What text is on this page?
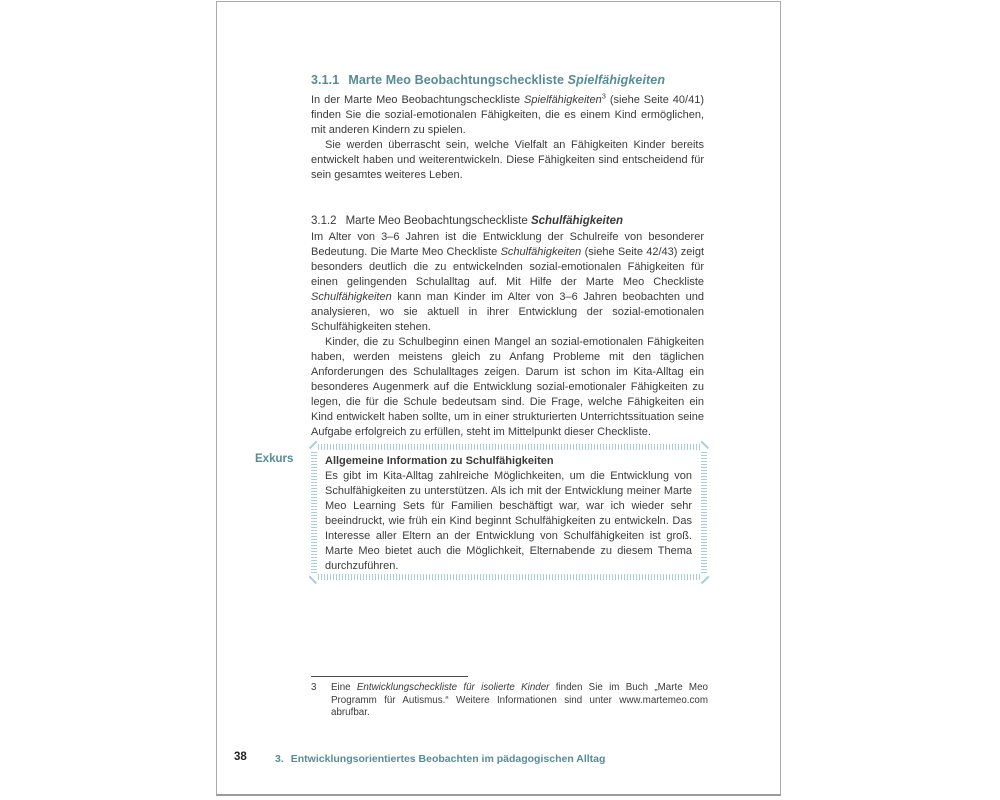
3.1.1 Marte Meo Beobachtungscheckliste Spielfähigkeiten

In der Marte Meo Beobachtungscheckliste Spielfähigkeiten$^3$ (siehe Seite 40/41) finden Sie die sozial-emotionalen Fähigkeiten, die es einem Kind ermöglichen, mit anderen Kindern zu spielen.

Sie werden überrascht sein, welche Vielfalt an Fähigkeiten Kinder bereits entwickelt haben und weiterentwickeln. Diese Fähigkeiten sind entscheidend für sein gesamtes weiteres Leben.

3.1.2 Marte Meo Beobachtungscheckliste Schulfähigkeiten

Im Alter von 3–6 Jahren ist die Entwicklung der Schulreife von besonderer Bedeutung. Die Marte Meo Checkliste Schulfähigkeiten (siehe Seite 42/43) zeigt besonders deutlich die zu entwickelnden sozial-emotionalen Fähigkeiten für einen gelingenden Schulalltag auf. Mit Hilfe der Marte Meo Checkliste Schulfähigkeiten kann man Kinder im Alter von 3–6 Jahren beobachten und analysieren, wo sie aktuell in ihrer Entwicklung der sozial-emotionalen Schulfähigkeiten stehen.

Kinder, die zu Schulbeginn einen Mangel an sozial-emotionalen Fähigkeiten haben, werden meistens gleich zu Anfang Probleme mit den täglichen Anforderungen des Schulalltages zeigen. Darum ist schon im Kita-Alltag ein besonderes Augenmerk auf die Entwicklung sozial-emotionaler Fähigkeiten zu legen, die für die Schule bedeutsam sind. Die Frage, welche Fähigkeiten ein Kind entwickelt haben sollte, um in einer strukturierten Unterrichtssituation seine Aufgabe erfolgreich zu erfüllen, steht im Mittelpunkt dieser Checkliste.

Exkurs	Allgemeine Information zu Schulfähigkeiten

Es gibt im Kita-Alltag zahlreiche Möglichkeiten, um die Entwicklung von Schulfähigkeiten zu unterstützen. Als ich mit der Entwicklung meiner Marte Meo Learning Sets für Familien beschäftigt war, war ich wieder sehr beeindruckt, wie früh ein Kind beginnt Schulfähigkeiten zu entwickeln. Das Interesse aller Eltern an der Entwicklung von Schulfähigkeiten ist groß. Marte Meo bietet auch die Möglichkeit, Elternabende zu diesem Thema durchzuführen.

3	Eine Entwicklungscheckliste für isolierte Kinder finden Sie im Buch „Marte Meo Programm für Autismus.“ Weitere Informationen sind unter www.martemeo.com abrufbar.
38	3. Entwicklungsorientiertes Beobachten im pädagogischen Alltag
